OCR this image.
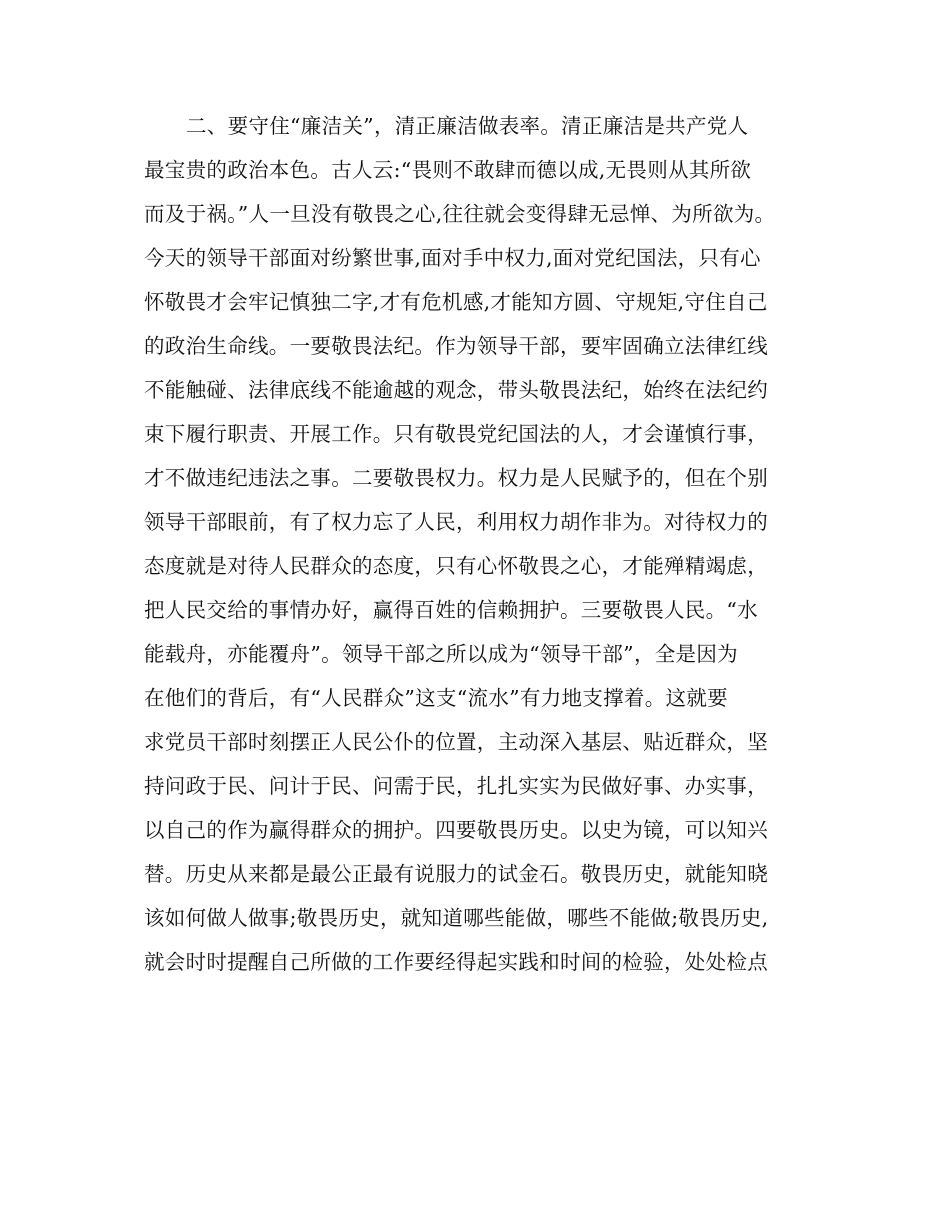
二、要守住“廉洁关”，清正廉洁做表率。清正廉洁是共产党人
最宝贵的政治本色。古人云:“畏则不敢肆而德以成,无畏则从其所欲
而及于祸。”人一旦没有敬畏之心,往往就会变得肆无忌惮、为所欲为。
今天的领导干部面对纷繁世事,面对手中权力,面对党纪国法，只有心
怀敬畏才会牢记慎独二字,才有危机感,才能知方圆、守规矩,守住自己
的政治生命线。一要敬畏法纪。作为领导干部，要牢固确立法律红线
不能触碰、法律底线不能逾越的观念，带头敬畏法纪，始终在法纪约
束下履行职责、开展工作。只有敬畏党纪国法的人，才会谨慎行事，
才不做违纪违法之事。二要敬畏权力。权力是人民赋予的，但在个别
领导干部眼前，有了权力忘了人民，利用权力胡作非为。对待权力的
态度就是对待人民群众的态度，只有心怀敬畏之心，才能殚精竭虑，
把人民交给的事情办好，赢得百姓的信赖拥护。三要敬畏人民。“水
能载舟，亦能覆舟”。领导干部之所以成为“领导干部”，全是因为
在他们的背后，有“人民群众”这支“流水”有力地支撑着。这就要
求党员干部时刻摆正人民公仆的位置，主动深入基层、贴近群众，坚
持问政于民、问计于民、问需于民，扎扎实实为民做好事、办实事，
以自己的作为赢得群众的拥护。四要敬畏历史。以史为镜，可以知兴
替。历史从来都是最公正最有说服力的试金石。敬畏历史，就能知晓
该如何做人做事;敬畏历史，就知道哪些能做，哪些不能做;敬畏历史,
就会时时提醒自己所做的工作要经得起实践和时间的检验，处处检点
